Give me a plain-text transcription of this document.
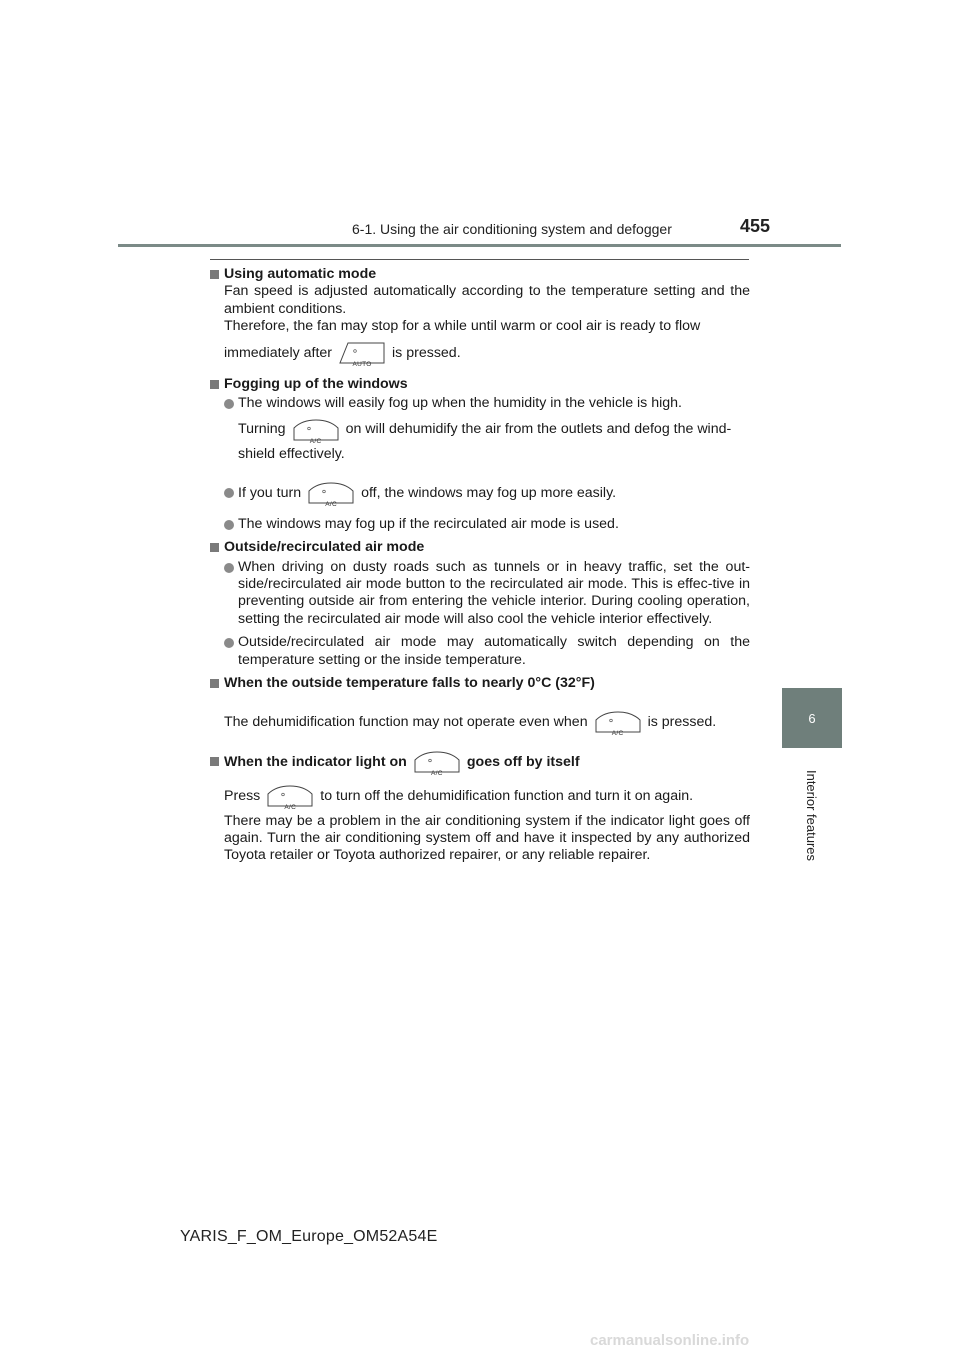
6-1. Using the air conditioning system and defogger	455
6
Interior features
Using automatic mode
Fan speed is adjusted automatically according to the temperature setting and the ambient conditions.
Therefore, the fan may stop for a while until warm or cool air is ready to flow
immediately after
AUTO
is pressed.
Fogging up of the windows
The windows will easily fog up when the humidity in the vehicle is high.
Turning
A/C
on will dehumidify the air from the outlets and defog the wind-
shield effectively.
If you turn
A/C
off, the windows may fog up more easily.
The windows may fog up if the recirculated air mode is used.
Outside/recirculated air mode
When driving on dusty roads such as tunnels or in heavy traffic, set the out-side/recirculated air mode button to the recirculated air mode. This is effec-tive in preventing outside air from entering the vehicle interior. During cooling operation, setting the recirculated air mode will also cool the vehicle interior effectively.
Outside/recirculated air mode may automatically switch depending on the temperature setting or the inside temperature.
When the outside temperature falls to nearly 0°C (32°F)
The dehumidification function may not operate even when
A/C
is pressed.
When the indicator light on
A/C
goes off by itself
Press
A/C
to turn off the dehumidification function and turn it on again.
There may be a problem in the air conditioning system if the indicator light goes off again. Turn the air conditioning system off and have it inspected by any authorized Toyota retailer or Toyota authorized repairer, or any reliable repairer.
YARIS_F_OM_Europe_OM52A54E
carmanualsonline.info
